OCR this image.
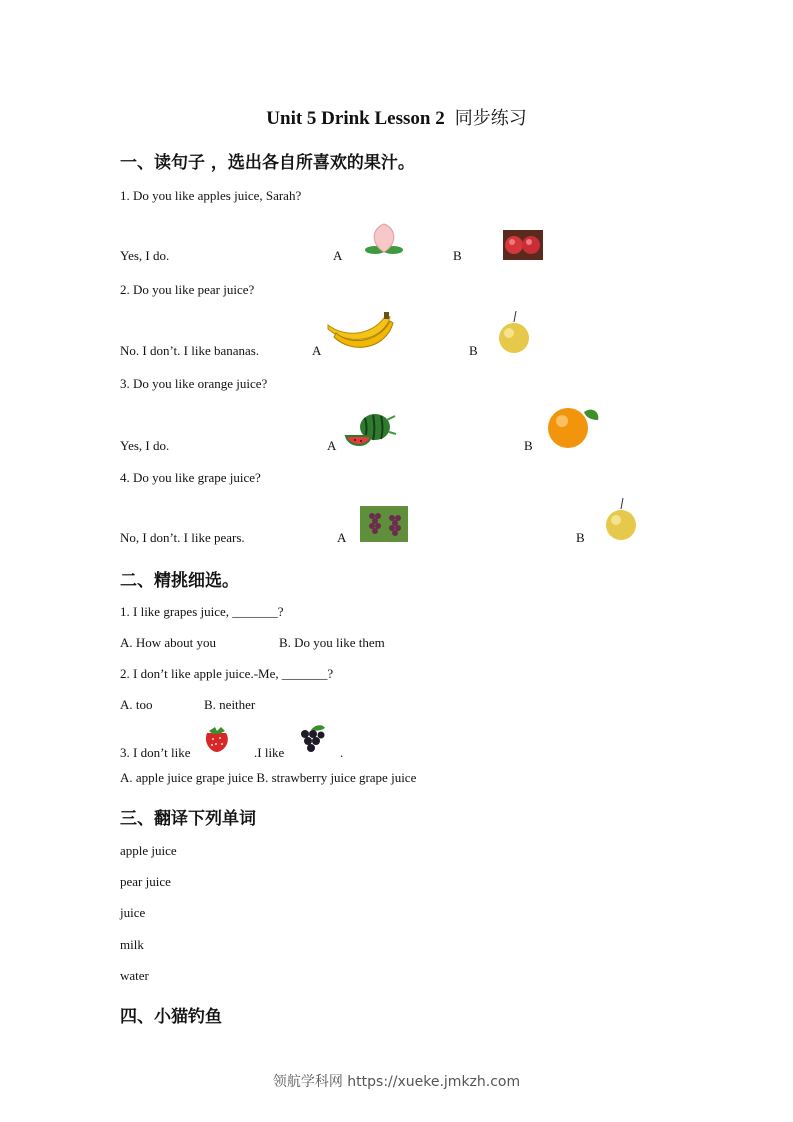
Unit 5 Drink Lesson 2 同步练习
一、读句子 ，选出各自所喜欢的果汁。
1. Do you like apples juice, Sarah?
Yes, I do.	A	B
2. Do you like pear juice?
No. I don’t. I like bananas.	A	B
3. Do you like orange juice?
Yes, I do.	A	B
4. Do you like grape juice?
No, I don’t. I like pears.	A	B
二、精挑细选。
1. I like grapes juice, _______?
A. How about you	B. Do you like them
2. I don’t like apple juice.-Me, _______?
A. too	B. neither
3. I don’t like	.I like	.
A. apple juice grape juice B. strawberry juice grape juice
三、翻译下列单词
apple juice
pear juice
juice
milk
water
四、小猫钓鱼
领航学科网 https://xueke.jmkzh.com
